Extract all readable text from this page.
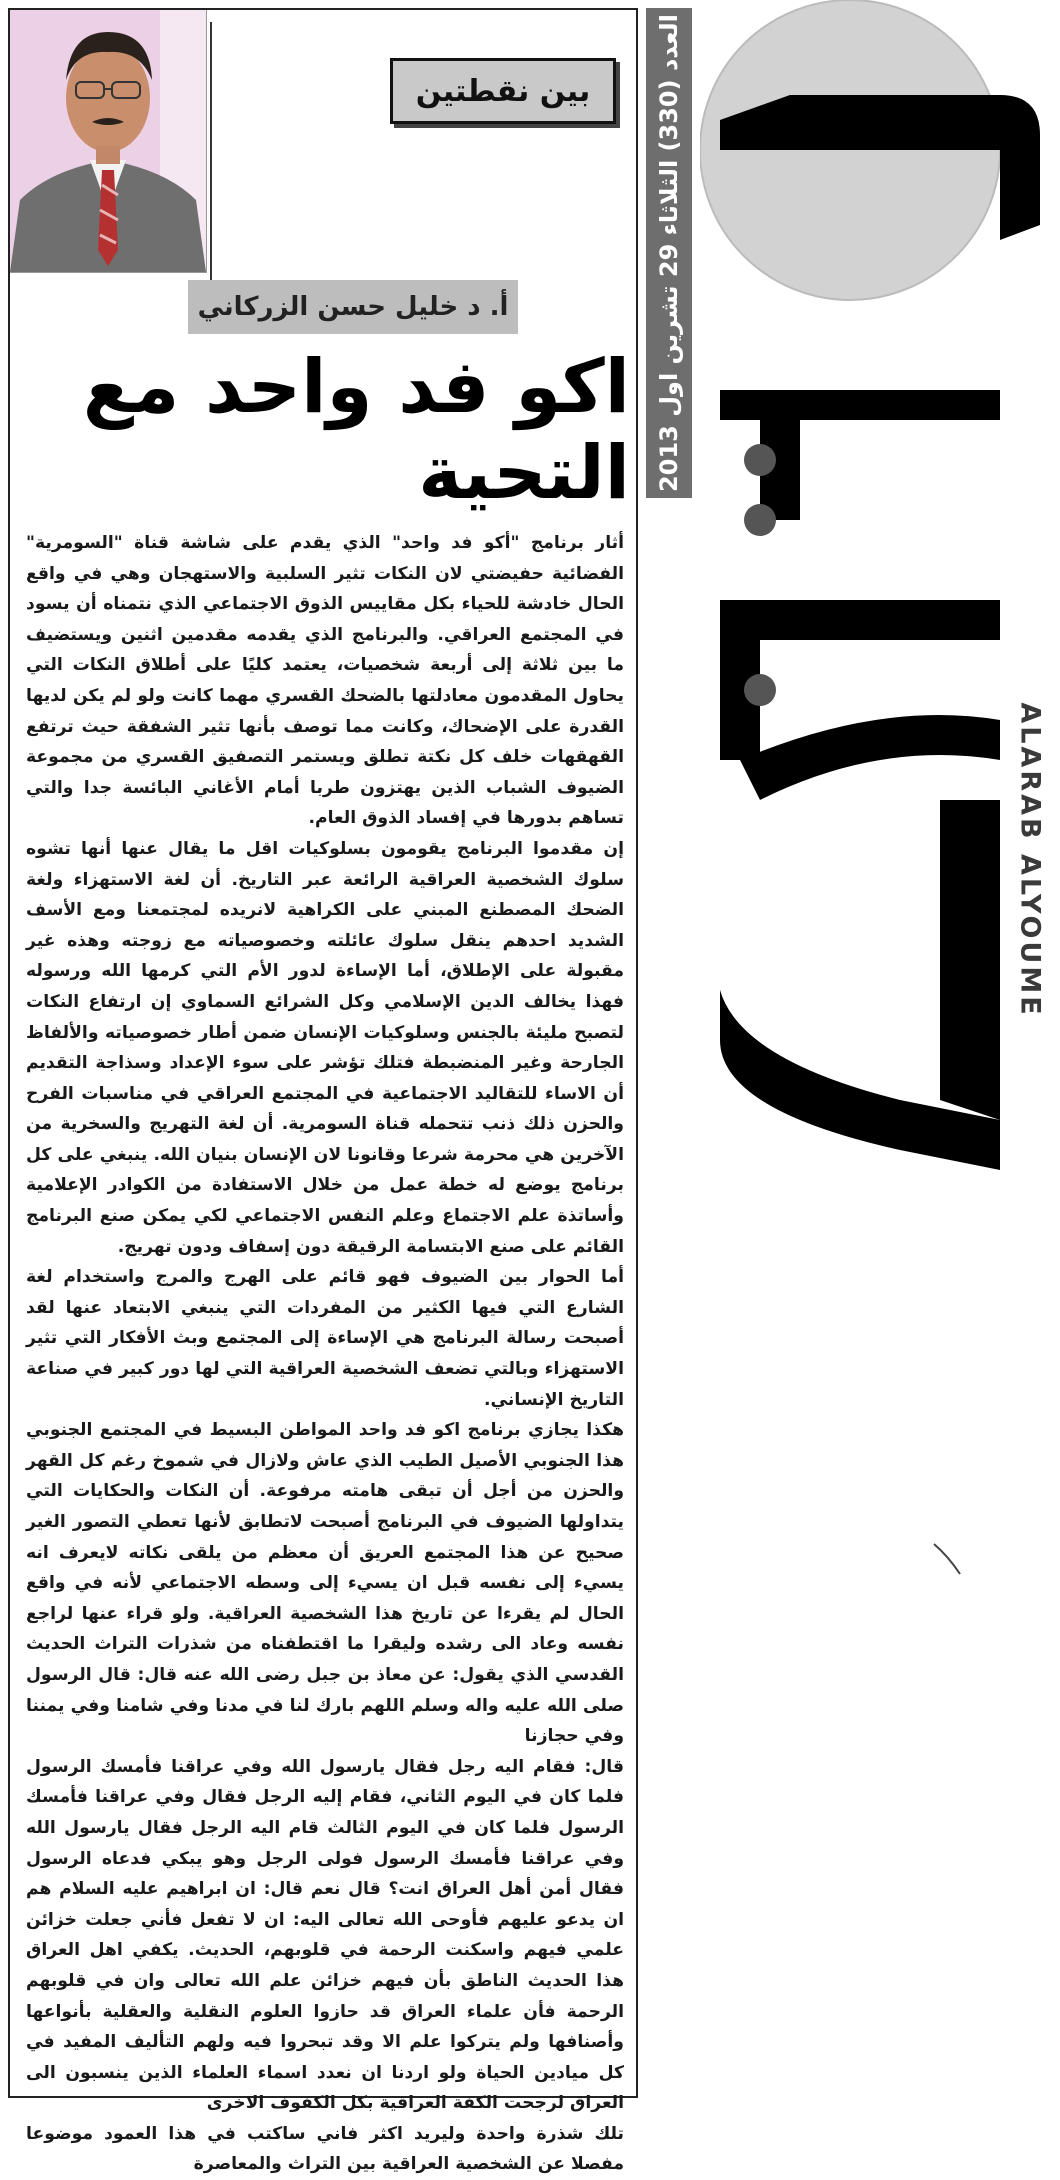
بين نقطتين
أ. د خليل حسن الزركاني
اكو فد واحد مع التحية

أثار برنامج "أكو فد واحد" الذي يقدم على شاشة قناة "السومرية" الفضائية حفيضتي لان النكات تثير السلبية والاستهجان وهي في واقع الحال خادشة للحياء بكل مقاييس الذوق الاجتماعي الذي نتمناه أن يسود في المجتمع العراقي. والبرنامج الذي يقدمه مقدمين اثنين ويستضيف ما بين ثلاثة إلى أربعة شخصيات، يعتمد كليًا على أطلاق النكات التي يحاول المقدمون معادلتها بالضحك القسري مهما كانت ولو لم يكن لديها القدرة على الإضحاك، وكانت مما توصف بأنها تثير الشفقة حيث ترتفع القهقهات خلف كل نكتة تطلق ويستمر التصفيق القسري من مجموعة الضيوف الشباب الذين يهتزون طربا أمام الأغاني البائسة جدا والتي تساهم بدورها في إفساد الذوق العام.

إن مقدموا البرنامج يقومون بسلوكيات اقل ما يقال عنها أنها تشوه سلوك الشخصية العراقية الرائعة عبر التاريخ. أن لغة الاستهزاء ولغة الضحك المصطنع المبني على الكراهية لانريده لمجتمعنا ومع الأسف الشديد احدهم ينقل سلوك عائلته وخصوصياته مع زوجته وهذه غير مقبولة على الإطلاق، أما الإساءة لدور الأم التي كرمها الله ورسوله فهذا يخالف الدين الإسلامي وكل الشرائع السماوي إن ارتفاع النكات لتصبح مليئة بالجنس وسلوكيات الإنسان ضمن أطار خصوصياته والألفاظ الجارحة وغير المنضبطة فتلك تؤشر على سوء الإعداد وسذاجة التقديم أن الاساء للتقاليد الاجتماعية في المجتمع العراقي في مناسبات الفرح والحزن ذلك ذنب تتحمله قناة السومرية. أن لغة التهريج والسخرية من الآخرين هي محرمة شرعا وقانونا لان الإنسان بنيان الله. ينبغي على كل برنامج يوضع له خطة عمل من خلال الاستفادة من الكوادر الإعلامية وأساتذة علم الاجتماع وعلم النفس الاجتماعي لكي يمكن صنع البرنامج القائم على صنع الابتسامة الرقيقة دون إسفاف ودون تهريج.

أما الحوار بين الضيوف فهو قائم على الهرج والمرج واستخدام لغة الشارع التي فيها الكثير من المفردات التي ينبغي الابتعاد عنها لقد أصبحت رسالة البرنامج هي الإساءة إلى المجتمع وبث الأفكار التي تثير الاستهزاء وبالتي تضعف الشخصية العراقية التي لها دور كبير في صناعة التاريخ الإنساني.

هكذا يجازي برنامج اكو فد واحد المواطن البسيط في المجتمع الجنوبي هذا الجنوبي الأصيل الطيب الذي عاش ولازال في شموخ رغم كل القهر والحزن من أجل أن تبقى هامته مرفوعة. أن النكات والحكايات التي يتداولها الضيوف في البرنامج أصبحت لاتطابق لأنها تعطي التصور الغير صحيح عن هذا المجتمع العريق أن معظم من يلقى نكاته لايعرف انه يسيء إلى نفسه قبل ان يسيء إلى وسطه الاجتماعي لأنه في واقع الحال لم يقرءا عن تاريخ هذا الشخصية العراقية. ولو قراء عنها لراجع نفسه وعاد الى رشده وليقرا ما اقتطفناه من شذرات التراث الحديث القدسي الذي يقول: عن معاذ بن جبل رضى الله عنه قال: قال الرسول صلى الله عليه واله وسلم اللهم بارك لنا في مدنا وفي شامنا وفي يمننا وفي حجازنا

قال: فقام اليه رجل فقال يارسول الله وفي عراقنا فأمسك الرسول فلما كان في اليوم الثاني، فقام إليه الرجل فقال وفي عراقنا فأمسك الرسول فلما كان في اليوم الثالث قام اليه الرجل فقال يارسول الله وفي عراقنا فأمسك الرسول فولى الرجل وهو يبكي فدعاه الرسول فقال أمن أهل العراق انت؟ قال نعم قال: ان ابراهيم عليه السلام هم ان يدعو عليهم فأوحى الله تعالى اليه: ان لا تفعل فأني جعلت خزائن علمي فيهم واسكنت الرحمة في قلوبهم، الحديث. يكفي اهل العراق هذا الحديث الناطق بأن فيهم خزائن علم الله تعالى وان في قلوبهم الرحمة فأن علماء العراق قد حازوا العلوم النقلية والعقلية بأنواعها وأصنافها ولم يتركوا علم الا وقد تبحروا فيه ولهم التأليف المفيد في كل ميادين الحياة ولو اردنا ان نعدد اسماء العلماء الذين ينسبون الى العراق لرجحت الكفة العراقية بكل الكفوف الاخرى

تلك شذرة واحدة وليريد اكثر فاني ساكتب في هذا العمود موضوعا مفصلا عن الشخصية العراقية بين التراث والمعاصرة

العدد (330) الثلاثاء 29 تشرين اول 2013
ALARAB ALYOUME
